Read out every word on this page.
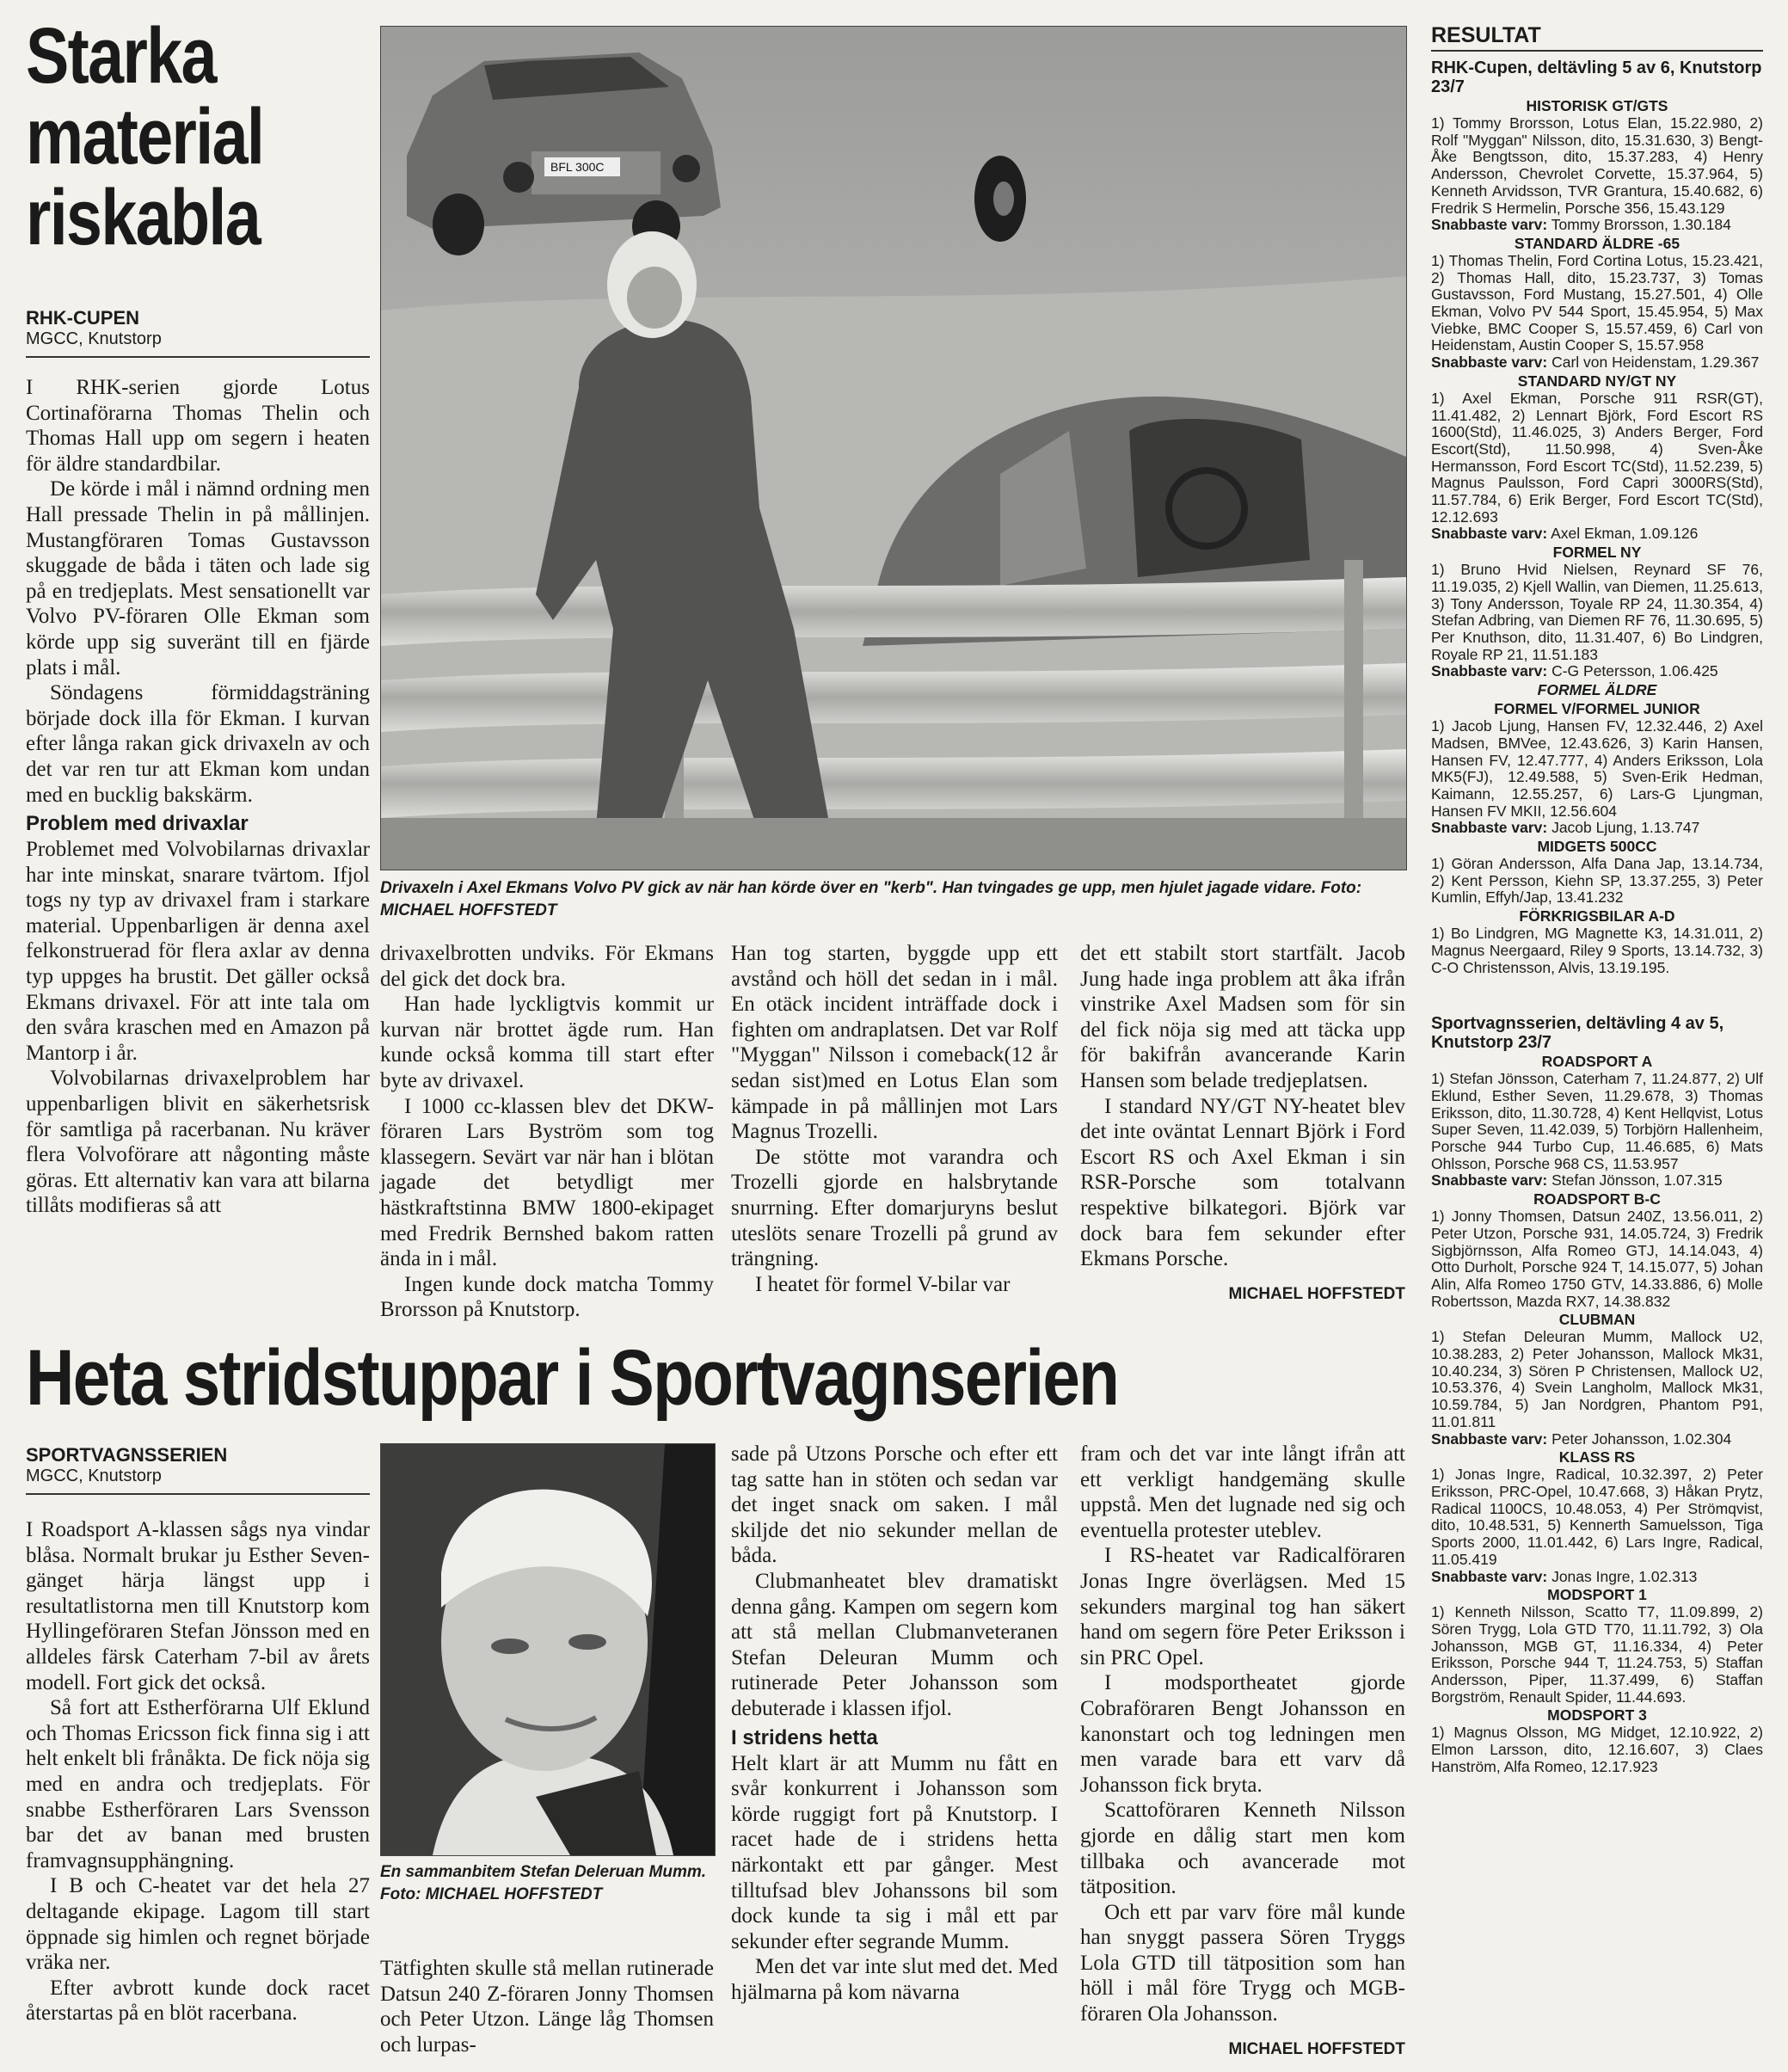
Starka material riskabla
RHK-CUPEN
MGCC, Knutstorp

I RHK-serien gjorde Lotus Cortinaförarna Thomas Thelin och Thomas Hall upp om segern i heaten för äldre standardbilar.

De körde i mål i nämnd ordning men Hall pressade Thelin in på mållinjen. Mustangföraren Tomas Gustavsson skuggade de båda i täten och lade sig på en tredjeplats. Mest sensationellt var Volvo PV-föraren Olle Ekman som körde upp sig suveränt till en fjärde plats i mål.

Söndagens förmiddagsträning började dock illa för Ekman. I kurvan efter långa rakan gick drivaxeln av och det var ren tur att Ekman kom undan med en bucklig bakskärm.

Problem med drivaxlar

Problemet med Volvobilarnas drivaxlar har inte minskat, snarare tvärtom. Ifjol togs ny typ av drivaxel fram i starkare material. Uppenbarligen är denna axel felkonstruerad för flera axlar av denna typ uppges ha brustit. Det gäller också Ekmans drivaxel. För att inte tala om den svåra kraschen med en Amazon på Mantorp i år.

Volvobilarnas drivaxelproblem har uppenbarligen blivit en säkerhetsrisk för samtliga på racerbanan. Nu kräver flera Volvoförare att någonting måste göras. Ett alternativ kan vara att bilarna tillåts modifieras så att

BFL 300C
Drivaxeln i Axel Ekmans Volvo PV gick av när han körde över en "kerb". Han tvingades ge upp, men hjulet jagade vidare. Foto: MICHAEL HOFFSTEDT

drivaxelbrotten undviks. För Ekmans del gick det dock bra.

Han hade lyckligtvis kommit ur kurvan när brottet ägde rum. Han kunde också komma till start efter byte av drivaxel.

I 1000 cc-klassen blev det DKW-föraren Lars Byström som tog klassegern. Sevärt var när han i blötan jagade det betydligt mer hästkraftstinna BMW 1800-ekipaget med Fredrik Bernshed bakom ratten ända in i mål.

Ingen kunde dock matcha Tommy Brorsson på Knutstorp.

Han tog starten, byggde upp ett avstånd och höll det sedan in i mål. En otäck incident inträffade dock i fighten om andraplatsen. Det var Rolf "Myggan" Nilsson i comeback(12 år sedan sist)med en Lotus Elan som kämpade in på mållinjen mot Lars Magnus Trozelli.

De stötte mot varandra och Trozelli gjorde en halsbrytande snurrning. Efter domarjuryns beslut uteslöts senare Trozelli på grund av trängning.

I heatet för formel V-bilar var

det ett stabilt stort startfält. Jacob Jung hade inga problem att åka ifrån vinstrike Axel Madsen som för sin del fick nöja sig med att täcka upp för bakifrån avancerande Karin Hansen som belade tredjeplatsen.

I standard NY/GT NY-heatet blev det inte oväntat Lennart Björk i Ford Escort RS och Axel Ekman i sin RSR-Porsche som totalvann respektive bilkategori. Björk var dock bara fem sekunder efter Ekmans Porsche.

MICHAEL HOFFSTEDT
Heta stridstuppar i Sportvagnserien
SPORTVAGNSSERIEN
MGCC, Knutstorp

I Roadsport A-klassen sågs nya vindar blåsa. Normalt brukar ju Esther Seven-gänget härja längst upp i resultatlistorna men till Knutstorp kom Hyllingeföraren Stefan Jönsson med en alldeles färsk Caterham 7-bil av årets modell. Fort gick det också.

Så fort att Estherförarna Ulf Eklund och Thomas Ericsson fick finna sig i att helt enkelt bli frånåkta. De fick nöja sig med en andra och tredjeplats. För snabbe Estherföraren Lars Svensson bar det av banan med brusten framvagnsupphängning.

I B och C-heatet var det hela 27 deltagande ekipage. Lagom till start öppnade sig himlen och regnet började vräka ner.

Efter avbrott kunde dock racet återstartas på en blöt racerbana.

En sammanbitem Stefan Deleruan Mumm. Foto: MICHAEL HOFFSTEDT

Tätfighten skulle stå mellan rutinerade Datsun 240 Z-föraren Jonny Thomsen och Peter Utzon. Länge låg Thomsen och lurpas-

sade på Utzons Porsche och efter ett tag satte han in stöten och sedan var det inget snack om saken. I mål skiljde det nio sekunder mellan de båda.

Clubmanheatet blev dramatiskt denna gång. Kampen om segern kom att stå mellan Clubmanveteranen Stefan Deleuran Mumm och rutinerade Peter Johansson som debuterade i klassen ifjol.

I stridens hetta

Helt klart är att Mumm nu fått en svår konkurrent i Johansson som körde ruggigt fort på Knutstorp. I racet hade de i stridens hetta närkontakt ett par gånger. Mest tilltufsad blev Johanssons bil som dock kunde ta sig i mål ett par sekunder efter segrande Mumm.

Men det var inte slut med det. Med hjälmarna på kom nävarna

fram och det var inte långt ifrån att ett verkligt handgemäng skulle uppstå. Men det lugnade ned sig och eventuella protester uteblev.

I RS-heatet var Radicalföraren Jonas Ingre överlägsen. Med 15 sekunders marginal tog han säkert hand om segern före Peter Eriksson i sin PRC Opel.

I modsportheatet gjorde Cobraföraren Bengt Johansson en kanonstart och tog ledningen men men varade bara ett varv då Johansson fick bryta.

Scattoföraren Kenneth Nilsson gjorde en dålig start men kom tillbaka och avancerade mot tätposition.

Och ett par varv före mål kunde han snyggt passera Sören Tryggs Lola GTD till tätposition som han höll i mål före Trygg och MGB-föraren Ola Johansson.

MICHAEL HOFFSTEDT
RESULTAT
RHK-Cupen, deltävling 5 av 6, Knutstorp 23/7
HISTORISK GT/GTS
1) Tommy Brorsson, Lotus Elan, 15.22.980, 2) Rolf "Myggan" Nilsson, dito, 15.31.630, 3) Bengt-Åke Bengtsson, dito, 15.37.283, 4) Henry Andersson, Chevrolet Corvette, 15.37.964, 5) Kenneth Arvidsson, TVR Grantura, 15.40.682, 6) Fredrik S Hermelin, Porsche 356, 15.43.129
Snabbaste varv: Tommy Brorsson, 1.30.184
STANDARD ÄLDRE -65
1) Thomas Thelin, Ford Cortina Lotus, 15.23.421, 2) Thomas Hall, dito, 15.23.737, 3) Tomas Gustavsson, Ford Mustang, 15.27.501, 4) Olle Ekman, Volvo PV 544 Sport, 15.45.954, 5) Max Viebke, BMC Cooper S, 15.57.459, 6) Carl von Heidenstam, Austin Cooper S, 15.57.958
Snabbaste varv: Carl von Heidenstam, 1.29.367
STANDARD NY/GT NY
1) Axel Ekman, Porsche 911 RSR(GT), 11.41.482, 2) Lennart Björk, Ford Escort RS 1600(Std), 11.46.025, 3) Anders Berger, Ford Escort(Std), 11.50.998, 4) Sven-Åke Hermansson, Ford Escort TC(Std), 11.52.239, 5) Magnus Paulsson, Ford Capri 3000RS(Std), 11.57.784, 6) Erik Berger, Ford Escort TC(Std), 12.12.693
Snabbaste varv: Axel Ekman, 1.09.126
FORMEL NY
1) Bruno Hvid Nielsen, Reynard SF 76, 11.19.035, 2) Kjell Wallin, van Diemen, 11.25.613, 3) Tony Andersson, Toyale RP 24, 11.30.354, 4) Stefan Adbring, van Diemen RF 76, 11.30.695, 5) Per Knuthson, dito, 11.31.407, 6) Bo Lindgren, Royale RP 21, 11.51.183
Snabbaste varv: C-G Petersson, 1.06.425
FORMEL ÄLDRE
FORMEL V/FORMEL JUNIOR
1) Jacob Ljung, Hansen FV, 12.32.446, 2) Axel Madsen, BMVee, 12.43.626, 3) Karin Hansen, Hansen FV, 12.47.777, 4) Anders Eriksson, Lola MK5(FJ), 12.49.588, 5) Sven-Erik Hedman, Kaimann, 12.55.257, 6) Lars-G Ljungman, Hansen FV MKII, 12.56.604
Snabbaste varv: Jacob Ljung, 1.13.747
MIDGETS 500CC
1) Göran Andersson, Alfa Dana Jap, 13.14.734, 2) Kent Persson, Kiehn SP, 13.37.255, 3) Peter Kumlin, Effyh/Jap, 13.41.232
FÖRKRIGSBILAR A-D
1) Bo Lindgren, MG Magnette K3, 14.31.011, 2) Magnus Neergaard, Riley 9 Sports, 13.14.732, 3) C-O Christensson, Alvis, 13.19.195.
Sportvagnsserien, deltävling 4 av 5, Knutstorp 23/7
ROADSPORT A
1) Stefan Jönsson, Caterham 7, 11.24.877, 2) Ulf Eklund, Esther Seven, 11.29.678, 3) Thomas Eriksson, dito, 11.30.728, 4) Kent Hellqvist, Lotus Super Seven, 11.42.039, 5) Torbjörn Hallenheim, Porsche 944 Turbo Cup, 11.46.685, 6) Mats Ohlsson, Porsche 968 CS, 11.53.957
Snabbaste varv: Stefan Jönsson, 1.07.315
ROADSPORT B-C
1) Jonny Thomsen, Datsun 240Z, 13.56.011, 2) Peter Utzon, Porsche 931, 14.05.724, 3) Fredrik Sigbjörnsson, Alfa Romeo GTJ, 14.14.043, 4) Otto Durholt, Porsche 924 T, 14.15.077, 5) Johan Alin, Alfa Romeo 1750 GTV, 14.33.886, 6) Molle Robertsson, Mazda RX7, 14.38.832
CLUBMAN
1) Stefan Deleuran Mumm, Mallock U2, 10.38.283, 2) Peter Johansson, Mallock Mk31, 10.40.234, 3) Sören P Christensen, Mallock U2, 10.53.376, 4) Svein Langholm, Mallock Mk31, 10.59.784, 5) Jan Nordgren, Phantom P91, 11.01.811
Snabbaste varv: Peter Johansson, 1.02.304
KLASS RS
1) Jonas Ingre, Radical, 10.32.397, 2) Peter Eriksson, PRC-Opel, 10.47.668, 3) Håkan Prytz, Radical 1100CS, 10.48.053, 4) Per Strömqvist, dito, 10.48.531, 5) Kennerth Samuelsson, Tiga Sports 2000, 11.01.442, 6) Lars Ingre, Radical, 11.05.419
Snabbaste varv: Jonas Ingre, 1.02.313
MODSPORT 1
1) Kenneth Nilsson, Scatto T7, 11.09.899, 2) Sören Trygg, Lola GTD T70, 11.11.792, 3) Ola Johansson, MGB GT, 11.16.334, 4) Peter Eriksson, Porsche 944 T, 11.24.753, 5) Staffan Andersson, Piper, 11.37.499, 6) Staffan Borgström, Renault Spider, 11.44.693.
MODSPORT 3
1) Magnus Olsson, MG Midget, 12.10.922, 2) Elmon Larsson, dito, 12.16.607, 3) Claes Hanström, Alfa Romeo, 12.17.923
